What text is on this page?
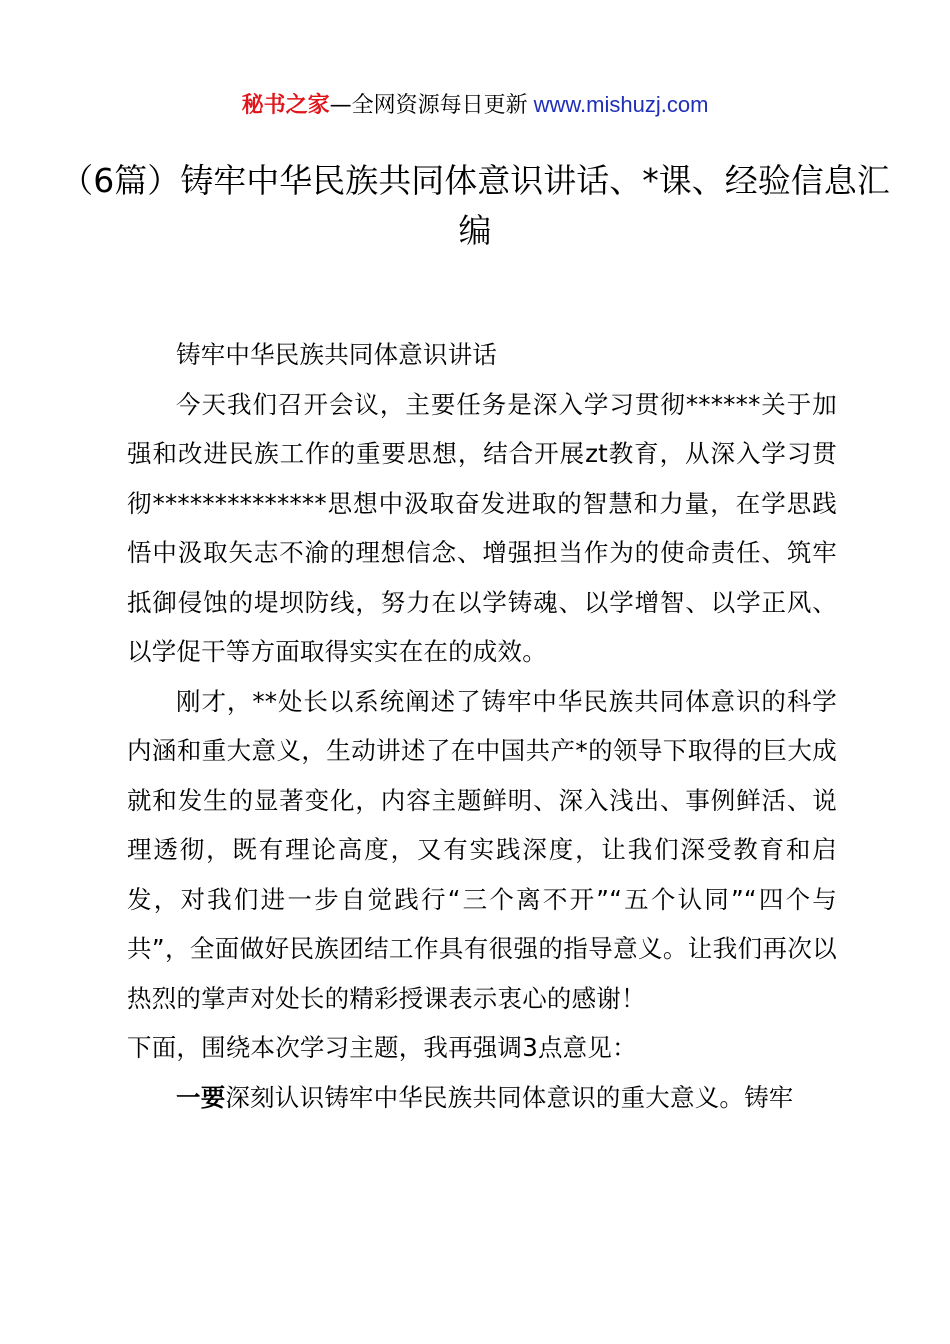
秘书之家—全网资源每日更新 www.mishuzj.com
（6篇）铸牢中华民族共同体意识讲话、*课、经验信息汇编

铸牢中华民族共同体意识讲话

今天我们召开会议，主要任务是深入学习贯彻******关于加强和改进民族工作的重要思想，结合开展zt教育，从深入学习贯彻**************思想中汲取奋发进取的智慧和力量，在学思践悟中汲取矢志不渝的理想信念、增强担当作为的使命责任、筑牢抵御侵蚀的堤坝防线，努力在以学铸魂、以学增智、以学正风、以学促干等方面取得实实在在的成效。

刚才，**处长以系统阐述了铸牢中华民族共同体意识的科学内涵和重大意义，生动讲述了在中国共产*的领导下取得的巨大成就和发生的显著变化，内容主题鲜明、深入浅出、事例鲜活、说理透彻，既有理论高度，又有实践深度，让我们深受教育和启发，对我们进一步自觉践行“三个离不开”“五个认同”“四个与共”，全面做好民族团结工作具有很强的指导意义。让我们再次以热烈的掌声对处长的精彩授课表示衷心的感谢！

下面，围绕本次学习主题，我再强调3点意见：

一要深刻认识铸牢中华民族共同体意识的重大意义。铸牢
